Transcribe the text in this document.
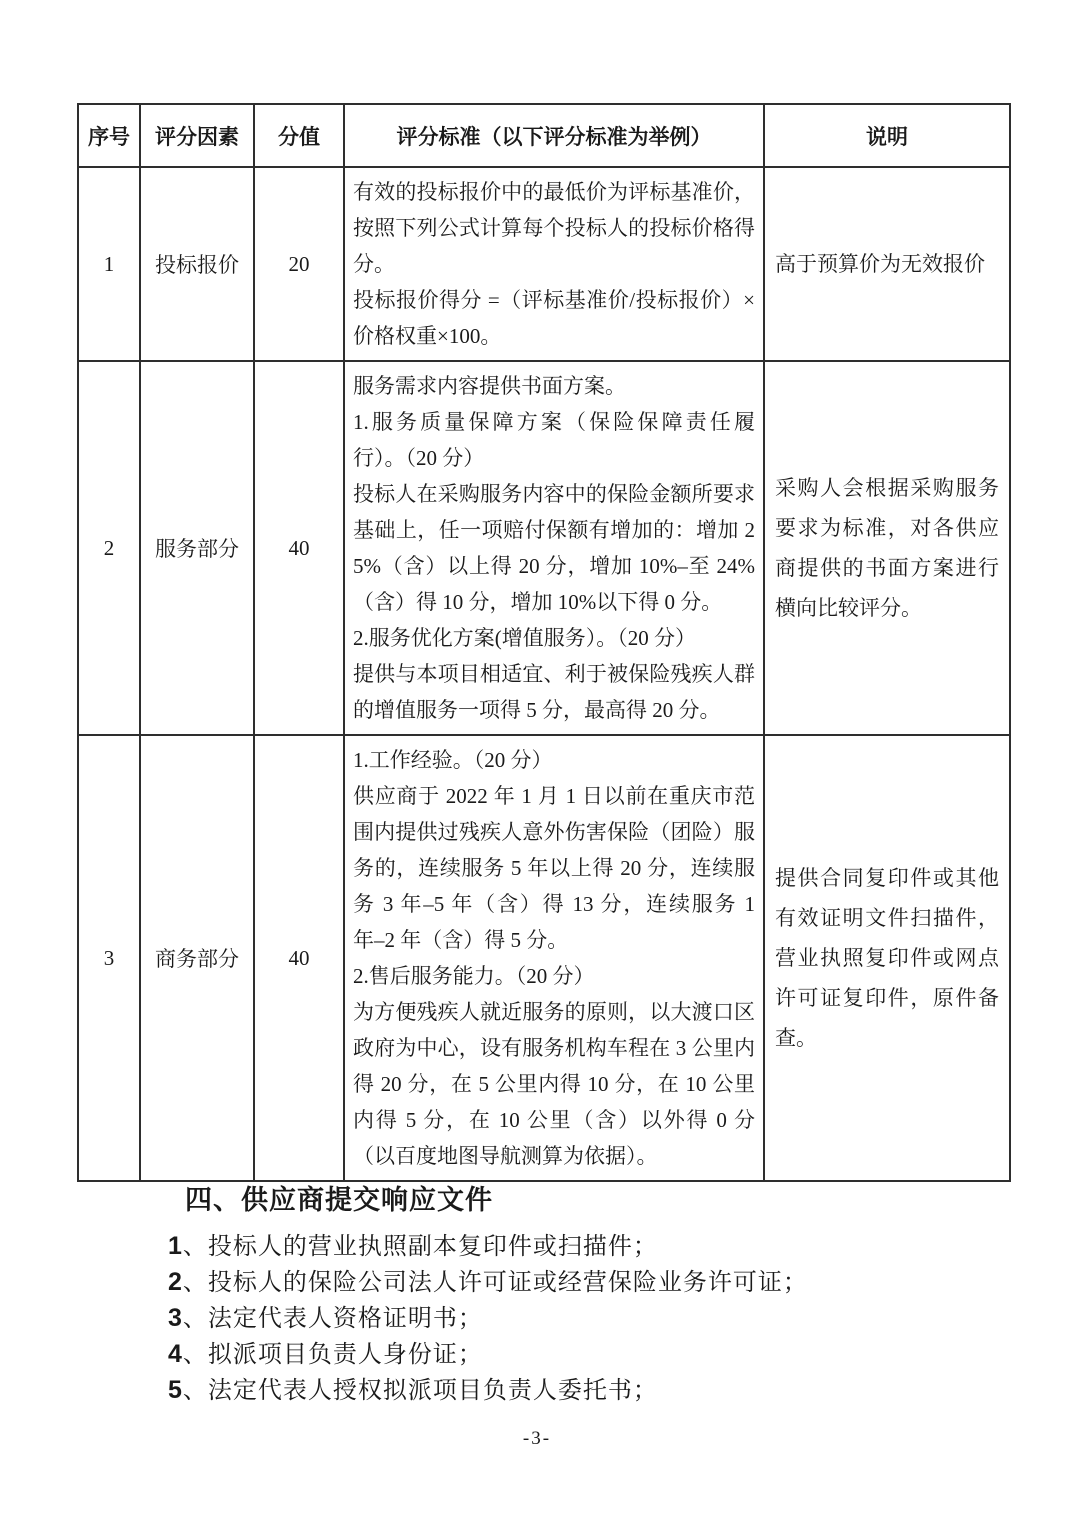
序号	评分因素	分值	评分标准（以下评分标准为举例）	说明
1	投标报价	20	有效的投标报价中的最低价为评标基准价，按照下列公式计算每个投标人的投标价格得分。
投标报价得分 =（评标基准价/投标报价）×价格权重×100。	高于预算价为无效报价

2	服务部分	40	服务需求内容提供书面方案。
1.服务质量保障方案（保险保障责任履行）。（20 分）
投标人在采购服务内容中的保险金额所要求基础上，任一项赔付保额有增加的：增加 25%（含）以上得 20 分，增加 10%–至 24%（含）得 10 分，增加 10%以下得 0 分。
2.服务优化方案(增值服务）。（20 分）
提供与本项目相适宜、利于被保险残疾人群的增值服务一项得 5 分，最高得 20 分。	采购人会根据采购服务要求为标准，对各供应商提供的书面方案进行横向比较评分。

3	商务部分	40	1.工作经验。（20 分）
供应商于 2022 年 1 月 1 日以前在重庆市范围内提供过残疾人意外伤害保险（团险）服务的，连续服务 5 年以上得 20 分，连续服务 3 年–5 年（含）得 13 分，连续服务 1 年–2 年（含）得 5 分。
2.售后服务能力。（20 分）
为方便残疾人就近服务的原则，以大渡口区政府为中心，设有服务机构车程在 3 公里内得 20 分，在 5 公里内得 10 分，在 10 公里内得 5 分，在 10 公里（含）以外得 0 分（以百度地图导航测算为依据）。	提供合同复印件或其他有效证明文件扫描件，营业执照复印件或网点许可证复印件，原件备查。
四、供应商提交响应文件
1、投标人的营业执照副本复印件或扫描件；
2、投标人的保险公司法人许可证或经营保险业务许可证；
3、法定代表人资格证明书；
4、拟派项目负责人身份证；
5、法定代表人授权拟派项目负责人委托书；
-3-
